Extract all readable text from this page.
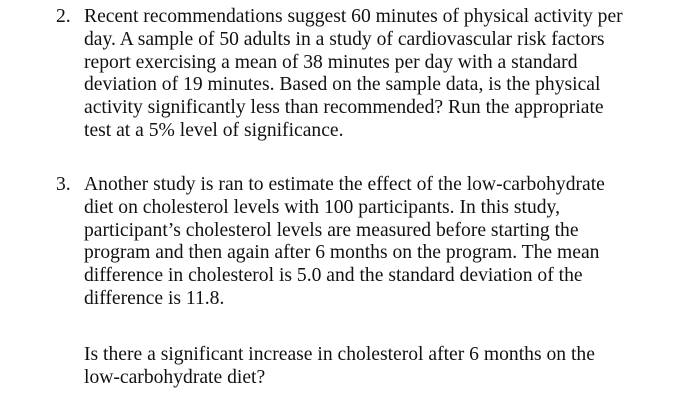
2. Recent recommendations suggest 60 minutes of physical activity per
day. A sample of 50 adults in a study of cardiovascular risk factors
report exercising a mean of 38 minutes per day with a standard
deviation of 19 minutes. Based on the sample data, is the physical
activity significantly less than recommended? Run the appropriate
test at a 5% level of significance.
3. Another study is ran to estimate the effect of the low-carbohydrate
diet on cholesterol levels with 100 participants. In this study,
participant’s cholesterol levels are measured before starting the
program and then again after 6 months on the program. The mean
difference in cholesterol is 5.0 and the standard deviation of the
difference is 11.8.
Is there a significant increase in cholesterol after 6 months on the
low-carbohydrate diet?
